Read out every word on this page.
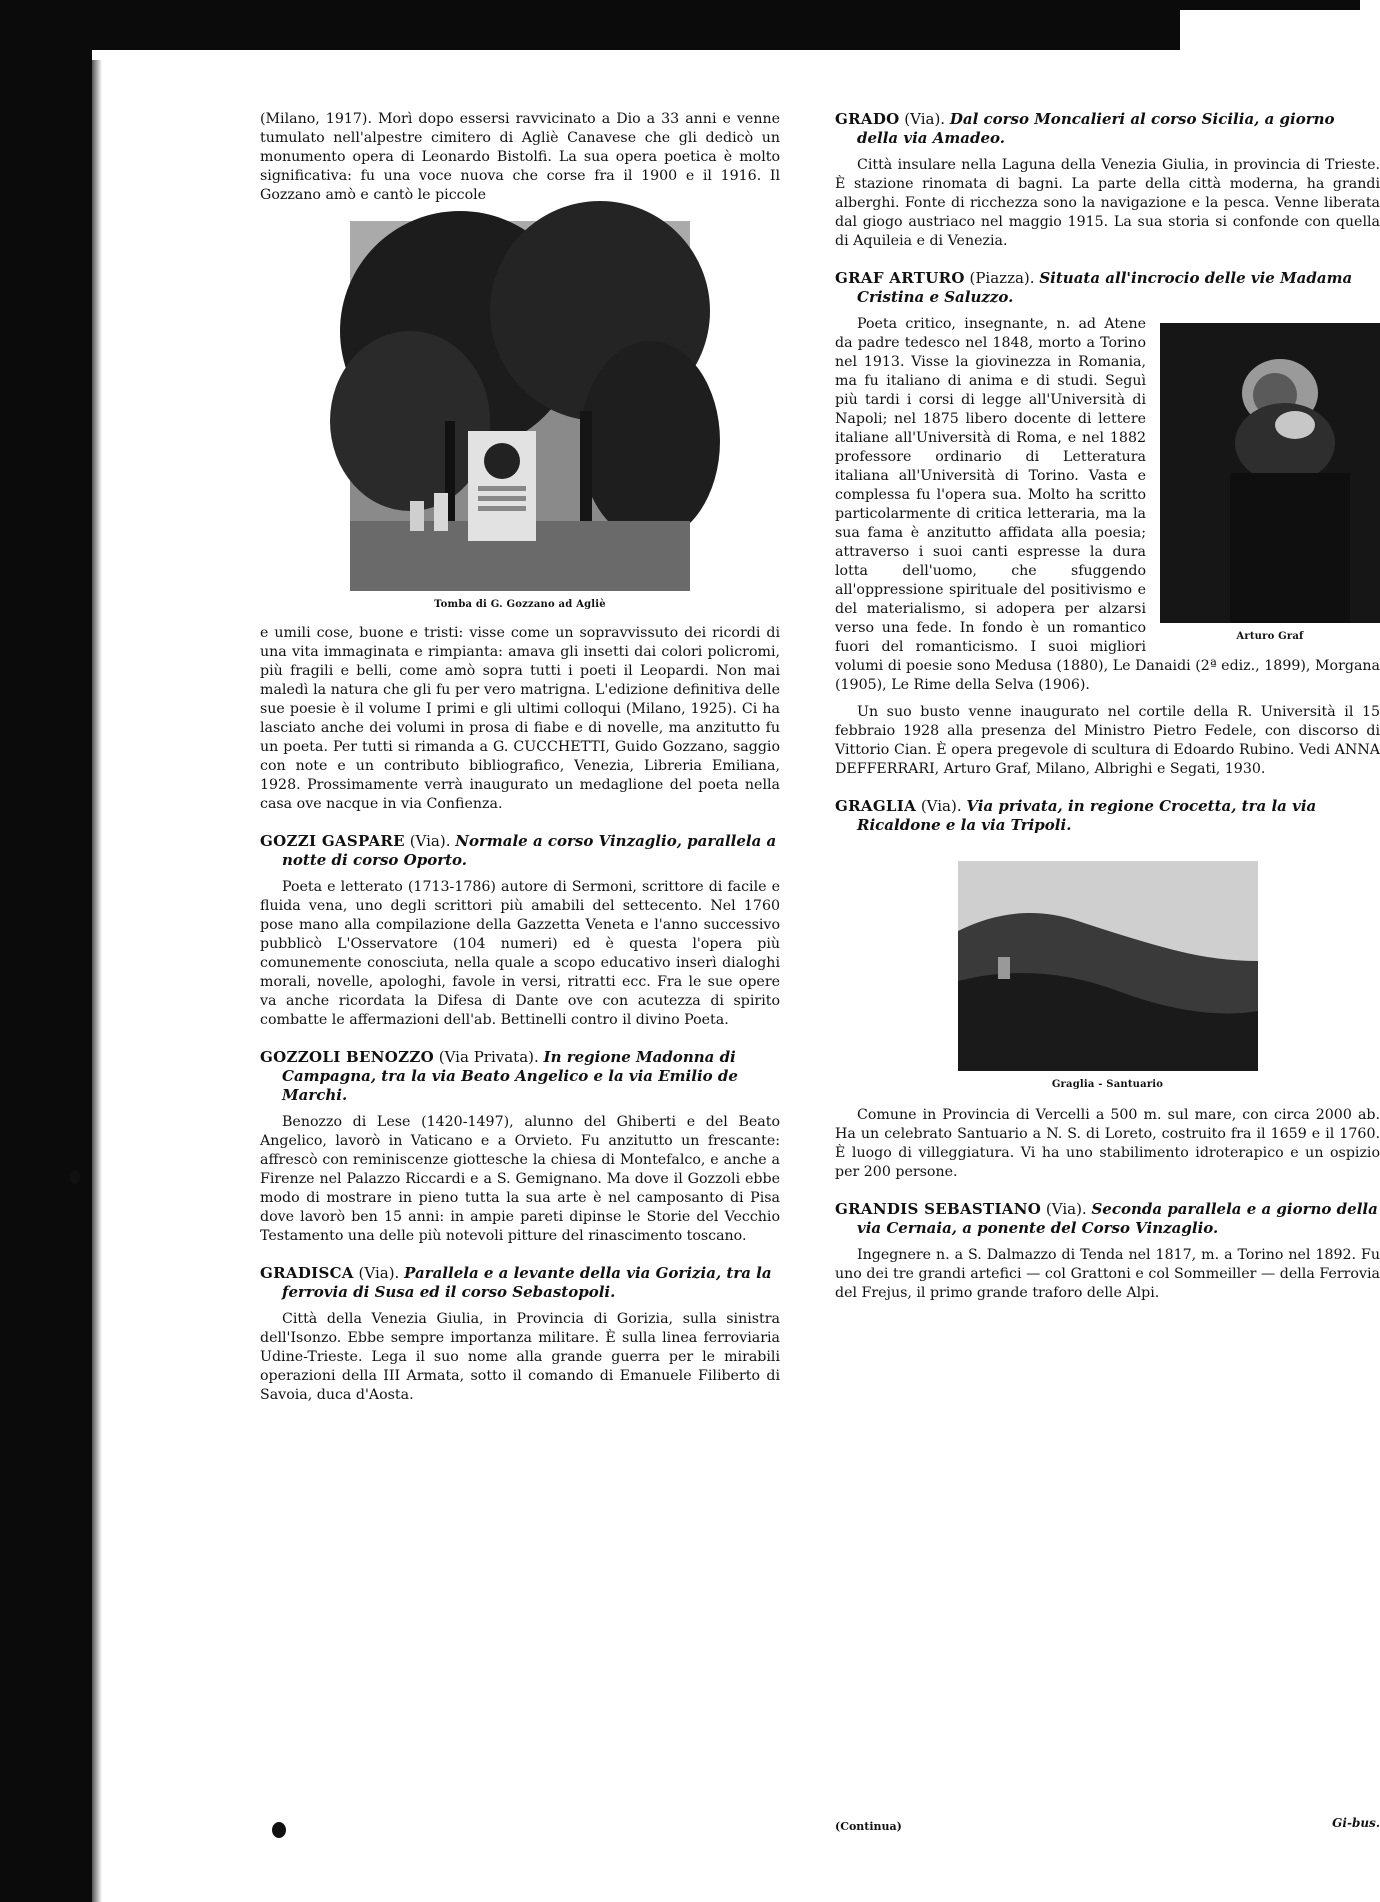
(Milano, 1917). Morì dopo essersi ravvicinato a Dio a 33 anni e venne tumulato nell'alpestre cimitero di Agliè Canavese che gli dedicò un monumento opera di Leonardo Bistolfi. La sua opera poetica è molto significativa: fu una voce nuova che corse fra il 1900 e il 1916. Il Gozzano amò e cantò le piccole

Tomba di G. Gozzano ad Agliè

e umili cose, buone e tristi: visse come un sopravvissuto dei ricordi di una vita immaginata e rimpianta: amava gli insetti dai colori policromi, più fragili e belli, come amò sopra tutti i poeti il Leopardi. Non mai maledì la natura che gli fu per vero matrigna. L'edizione definitiva delle sue poesie è il volume I primi e gli ultimi colloqui (Milano, 1925). Ci ha lasciato anche dei volumi in prosa di fiabe e di novelle, ma anzitutto fu un poeta. Per tutti si rimanda a G. CUCCHETTI, Guido Gozzano, saggio con note e un contributo bibliografico, Venezia, Libreria Emiliana, 1928. Prossimamente verrà inaugurato un medaglione del poeta nella casa ove nacque in via Confienza.

GOZZI GASPARE (Via). Normale a corso Vinzaglio, parallela a notte di corso Oporto.

Poeta e letterato (1713-1786) autore di Sermoni, scrittore di facile e fluida vena, uno degli scrittori più amabili del settecento. Nel 1760 pose mano alla compilazione della Gazzetta Veneta e l'anno successivo pubblicò L'Osservatore (104 numeri) ed è questa l'opera più comunemente conosciuta, nella quale a scopo educativo inserì dialoghi morali, novelle, apologhi, favole in versi, ritratti ecc. Fra le sue opere va anche ricordata la Difesa di Dante ove con acutezza di spirito combatte le affermazioni dell'ab. Bettinelli contro il divino Poeta.

GOZZOLI BENOZZO (Via Privata). In regione Madonna di Campagna, tra la via Beato Angelico e la via Emilio de Marchi.

Benozzo di Lese (1420-1497), alunno del Ghiberti e del Beato Angelico, lavorò in Vaticano e a Orvieto. Fu anzitutto un frescante: affrescò con reminiscenze giottesche la chiesa di Montefalco, e anche a Firenze nel Palazzo Riccardi e a S. Gemignano. Ma dove il Gozzoli ebbe modo di mostrare in pieno tutta la sua arte è nel camposanto di Pisa dove lavorò ben 15 anni: in ampie pareti dipinse le Storie del Vecchio Testamento una delle più notevoli pitture del rinascimento toscano.

GRADISCA (Via). Parallela e a levante della via Gorizia, tra la ferrovia di Susa ed il corso Sebastopoli.

Città della Venezia Giulia, in Provincia di Gorizia, sulla sinistra dell'Isonzo. Ebbe sempre importanza militare. È sulla linea ferroviaria Udine-Trieste. Lega il suo nome alla grande guerra per le mirabili operazioni della III Armata, sotto il comando di Emanuele Filiberto di Savoia, duca d'Aosta.

GRADO (Via). Dal corso Moncalieri al corso Sicilia, a giorno della via Amadeo.

Città insulare nella Laguna della Venezia Giulia, in provincia di Trieste. È stazione rinomata di bagni. La parte della città moderna, ha grandi alberghi. Fonte di ricchezza sono la navigazione e la pesca. Venne liberata dal giogo austriaco nel maggio 1915. La sua storia si confonde con quella di Aquileia e di Venezia.

GRAF ARTURO (Piazza). Situata all'incrocio delle vie Madama Cristina e Saluzzo.

Arturo Graf

Poeta critico, insegnante, n. ad Atene da padre tedesco nel 1848, morto a Torino nel 1913. Visse la giovinezza in Romania, ma fu italiano di anima e di studi. Seguì più tardi i corsi di legge all'Università di Napoli; nel 1875 libero docente di lettere italiane all'Università di Roma, e nel 1882 professore ordinario di Letteratura italiana all'Università di Torino. Vasta e complessa fu l'opera sua. Molto ha scritto particolarmente di critica letteraria, ma la sua fama è anzitutto affidata alla poesia; attraverso i suoi canti espresse la dura lotta dell'uomo, che sfuggendo all'oppressione spirituale del positivismo e del materialismo, si adopera per alzarsi verso una fede. In fondo è un romantico fuori del romanticismo. I suoi migliori volumi di poesie sono Medusa (1880), Le Danaidi (2ª ediz., 1899), Morgana (1905), Le Rime della Selva (1906).

Un suo busto venne inaugurato nel cortile della R. Università il 15 febbraio 1928 alla presenza del Ministro Pietro Fedele, con discorso di Vittorio Cian. È opera pregevole di scultura di Edoardo Rubino. Vedi ANNA DEFFERRARI, Arturo Graf, Milano, Albrighi e Segati, 1930.

GRAGLIA (Via). Via privata, in regione Crocetta, tra la via Ricaldone e la via Tripoli.

Graglia - Santuario

Comune in Provincia di Vercelli a 500 m. sul mare, con circa 2000 ab. Ha un celebrato Santuario a N. S. di Loreto, costruito fra il 1659 e il 1760. È luogo di villeggiatura. Vi ha uno stabilimento idroterapico e un ospizio per 200 persone.

GRANDIS SEBASTIANO (Via). Seconda parallela e a giorno della via Cernaia, a ponente del Corso Vinzaglio.

Ingegnere n. a S. Dalmazzo di Tenda nel 1817, m. a Torino nel 1892. Fu uno dei tre grandi artefici — col Grattoni e col Sommeiller — della Ferrovia del Frejus, il primo grande traforo delle Alpi.

(Continua)	Gi-bus.
